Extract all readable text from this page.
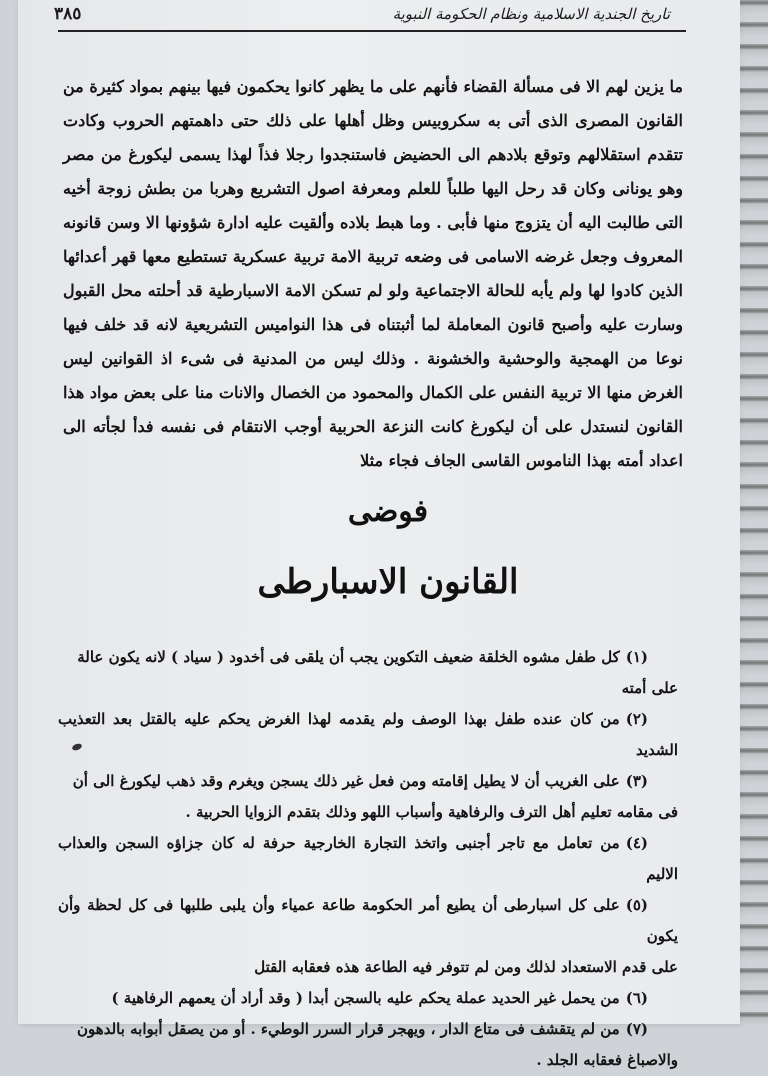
تاريخ الجندية الاسلامية ونظام الحكومة النبوية
٣٨٥

ما يزين لهم الا فى مسألة القضاء فأنهم على ما يظهر كانوا يحكمون فيها بينهم بمواد كثيرة من القانون المصرى الذى أتى به سكروبيس وظل أهلها على ذلك حتى داهمتهم الحروب وكادت تتقدم استقلالهم وتوقع بلادهم الى الحضيض فاستنجدوا رجلا فذاً لهذا يسمى ليكورغ من مصر وهو يونانى وكان قد رحل اليها طلباً للعلم ومعرفة اصول التشريع وهربا من بطش زوجة أخيه التى طالبت اليه أن يتزوج منها فأبى . وما هبط بلاده وألقيت عليه ادارة شؤونها الا وسن قانونه المعروف وجعل غرضه الاسامى فى وضعه تربية الامة تربية عسكرية تستطيع معها قهر أعدائها الذين كادوا لها ولم يأبه للحالة الاجتماعية ولو لم تسكن الامة الاسبارطية قد أحلته محل القبول وسارت عليه وأصبح قانون المعاملة لما أثبتناه فى هذا النواميس التشريعية لانه قد خلف فيها نوعا من الهمجية والوحشية والخشونة . وذلك ليس من المدنية فى شىء اذ القوانين ليس الغرض منها الا تربية النفس على الكمال والمحمود من الخصال والانات منا على بعض مواد هذا القانون لنستدل على أن ليكورغ كانت النزعة الحربية أوجب الانتقام فى نفسه فدأ لجأته الى اعداد أمته بهذا الناموس القاسى الجاف فجاء مثلا

فوضى

القانون الاسبارطى

(١)كل طفل مشوه الخلقة ضعيف التكوين يجب أن يلقى فى أخدود ( سياد ) لانه يكون عالة
على أمته
(٢)من كان عنده طفل بهذا الوصف ولم يقدمه لهذا الغرض يحكم عليه بالقتل بعد التعذيب الشديد
(٣)على الغريب أن لا يطيل إقامته ومن فعل غير ذلك يسجن ويغرم وقد ذهب ليكورغ الى أن
فى مقامه تعليم أهل الترف والرفاهية وأسباب اللهو وذلك بتقدم الزوايا الحربية .
(٤)من تعامل مع تاجر أجنبى واتخذ التجارة الخارجية حرفة له كان جزاؤه السجن والعذاب الاليم
(٥)على كل اسبارطى أن يطيع أمر الحكومة طاعة عمياء وأن يلبى طلبها فى كل لحظة وأن يكون
على قدم الاستعداد لذلك ومن لم تتوفر فيه الطاعة هذه فعقابه القتل
(٦)من يحمل غير الحديد عملة يحكم عليه بالسجن أبدا ( وقد أراد أن يعمهم الرفاهية )
(٧)من لم يتقشف فى متاع الدار ، ويهجر قرار السرر الوطيء . أو من يصقل أبوابه بالدهون
والاصباغ فعقابه الجلد .
